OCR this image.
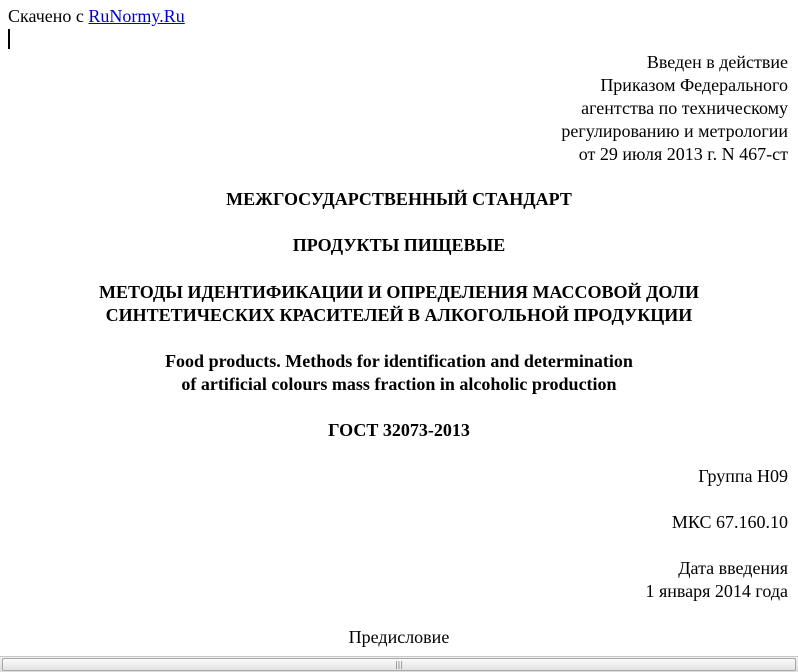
Скачено с RuNormy.Ru
Введен в действие
Приказом Федерального
агентства по техническому
регулированию и метрологии
от 29 июля 2013 г. N 467-ст
МЕЖГОСУДАРСТВЕННЫЙ СТАНДАРТ
ПРОДУКТЫ ПИЩЕВЫЕ
МЕТОДЫ ИДЕНТИФИКАЦИИ И ОПРЕДЕЛЕНИЯ МАССОВОЙ ДОЛИ
СИНТЕТИЧЕСКИХ КРАСИТЕЛЕЙ В АЛКОГОЛЬНОЙ ПРОДУКЦИИ
Food products. Methods for identification and determination
of artificial colours mass fraction in alcoholic production
ГОСТ 32073-2013
Группа Н09
МКС 67.160.10
Дата введения
1 января 2014 года
Предисловие
|||
